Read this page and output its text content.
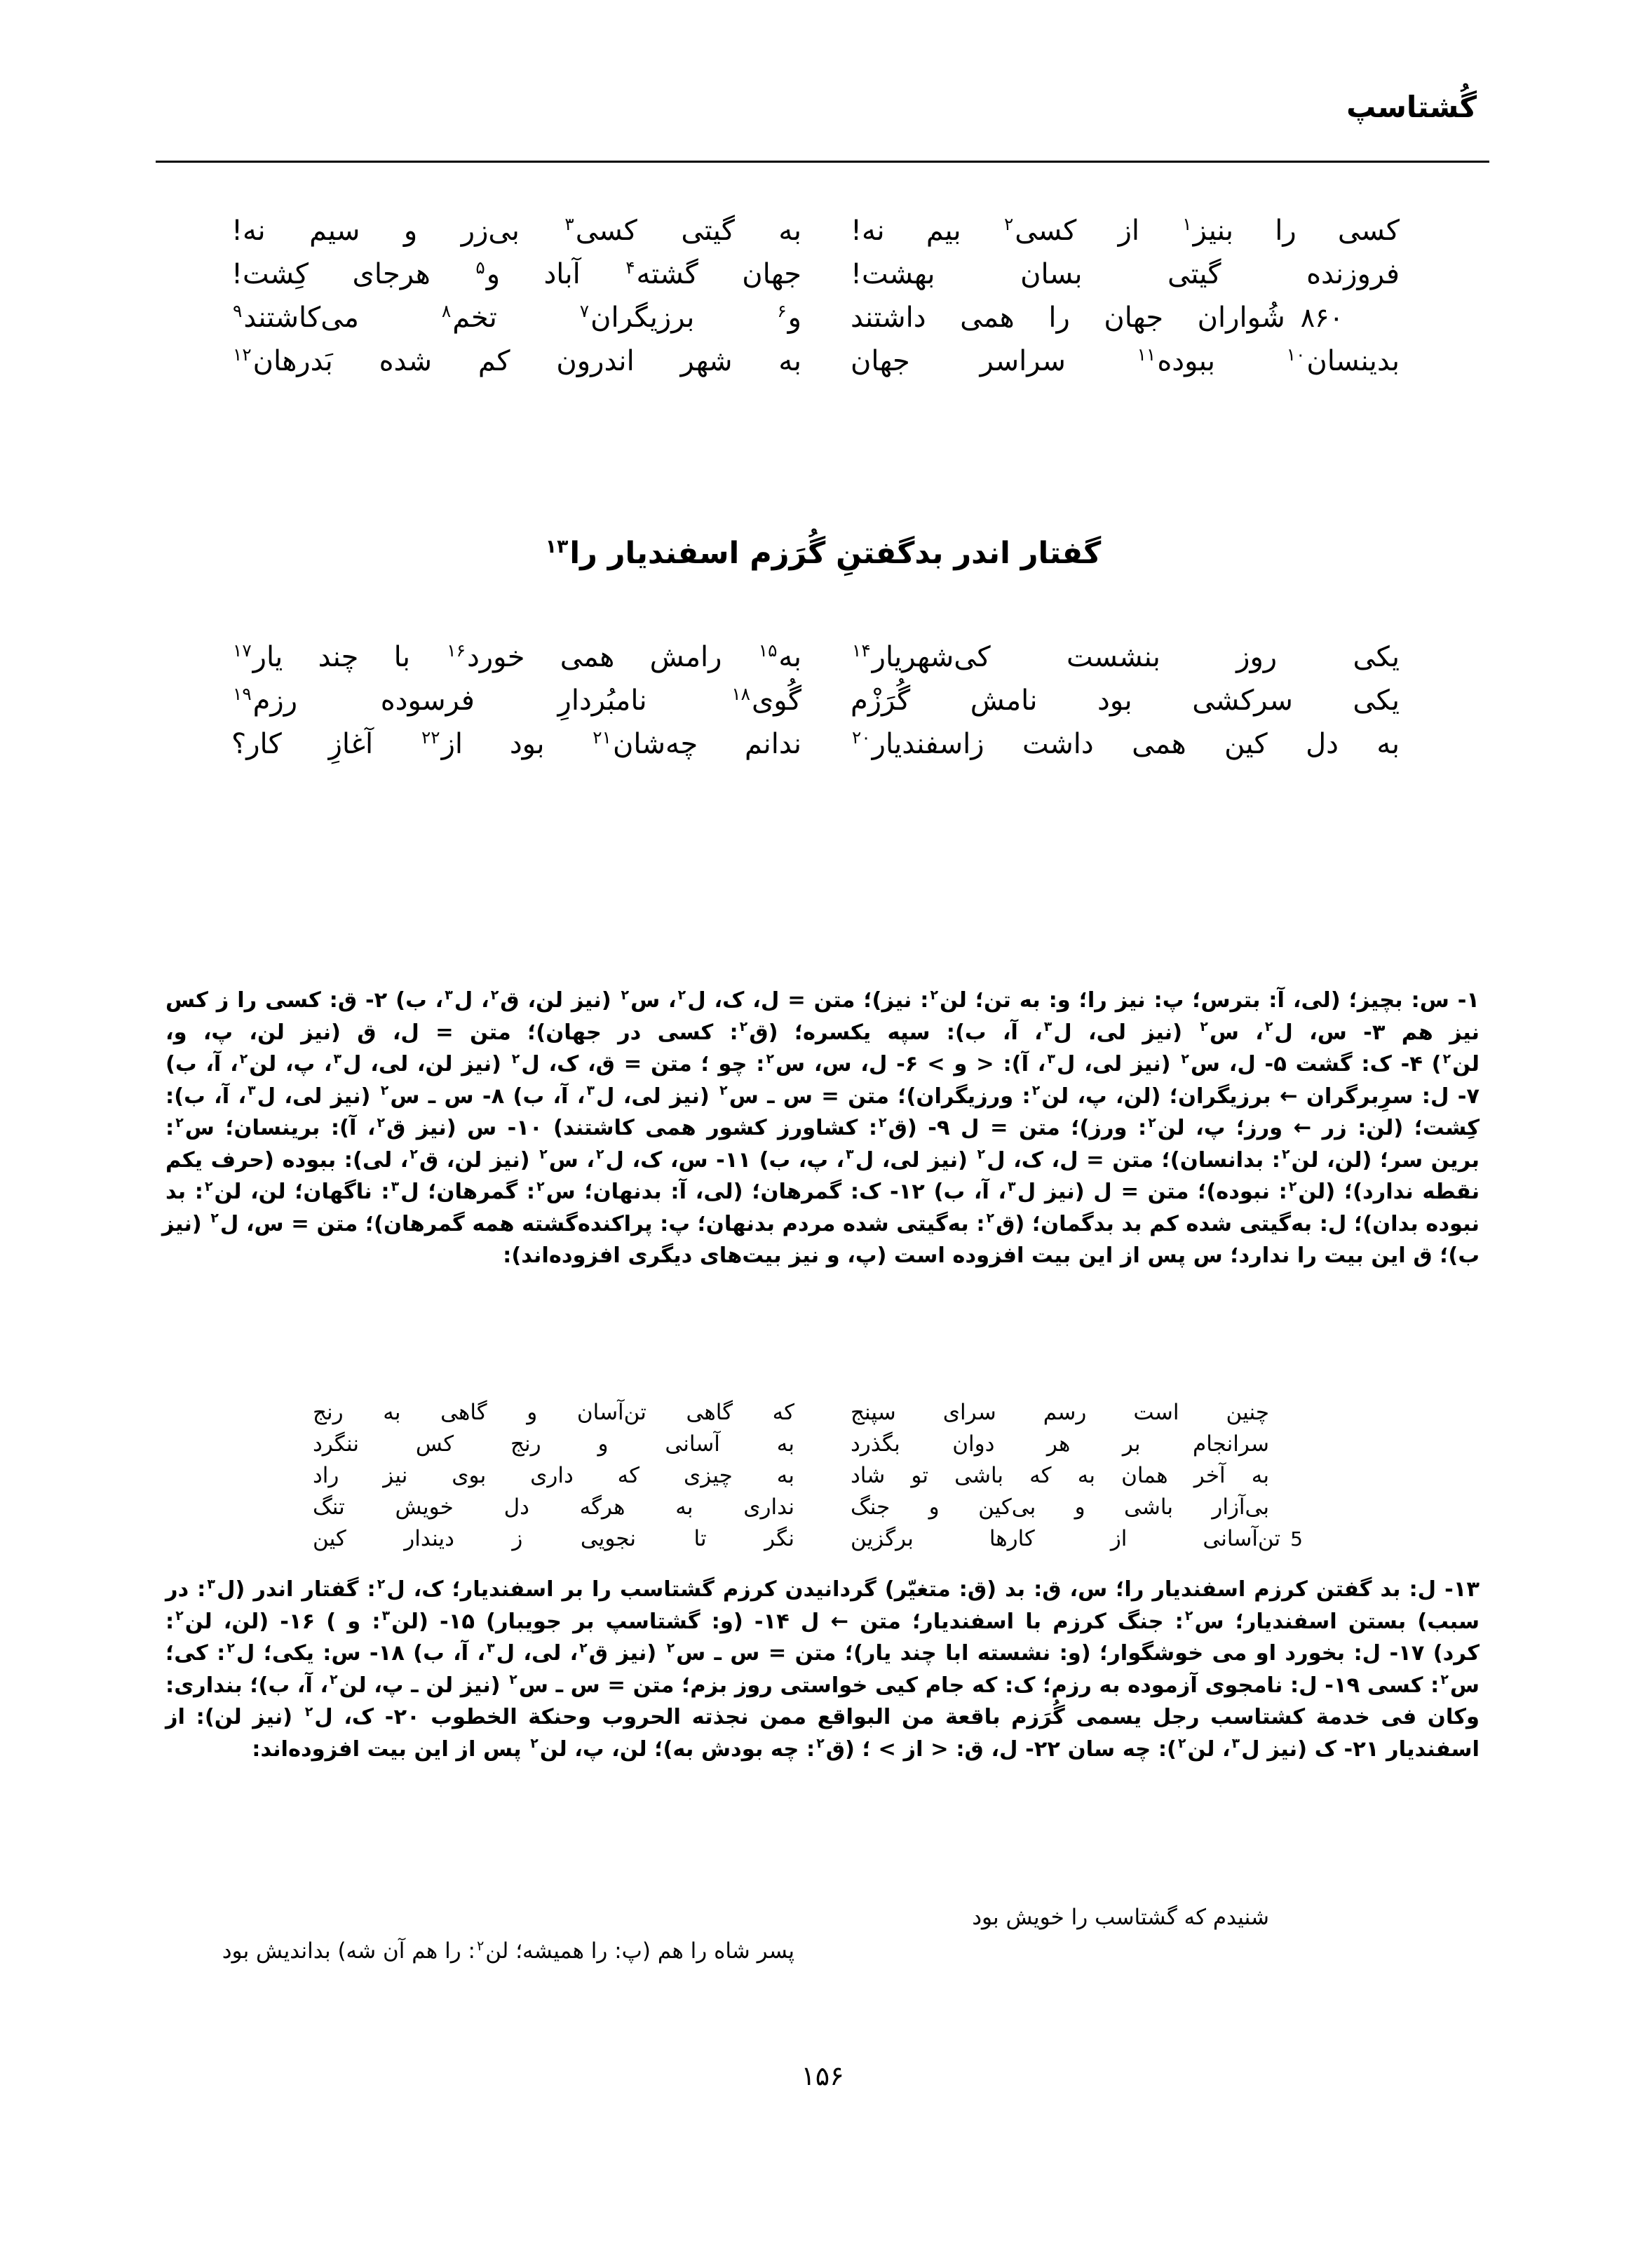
گُشتاسپ
کسی را بنیز$^۱$ از کسی$^۲$ بیم نه!
به گیتی کسی$^۳$ بی‌زر و سیم نه!
فروزنده گیتی بسان بهشت!
جهان گشته$^۴$ آباد و$^۵$ هرجای کِشت!
۸۶۰شُواران جهان را همی داشتند
و$^۶$ برزیگران$^۷$ تخم$^۸$ می‌کاشتند$^۹$
بدینسان$^{۱۰}$ ببوده$^{۱۱}$ سراسر جهان
به شهر اندرون کم شده بَدرهان$^{۱۲}$
گفتار اندر بدگفتنِ گُرَزم اسفندیار را$^{۱۳}$
یکی روز بنشست کی‌شهریار$^{۱۴}$
به$^{۱۵}$ رامش همی خورد$^{۱۶}$ با چند یار$^{۱۷}$
یکی سرکشی بود نامش گُرَزْم
گُوی$^{۱۸}$ نامبُردارِ فرسوده رزم$^{۱۹}$
به دل کین همی داشت زاسفندیار$^{۲۰}$
ندانم چه‌شان$^{۲۱}$ بود از$^{۲۲}$ آغازِ کار؟
۱- س: بچیز؛ (لی، آ: بترس؛ پ: نیز را؛ و: به تن؛ لن$^۲$: نیز)؛ متن = ل، ک، ل$^۲$، س$^۲$ (نیز لن، ق$^۲$، ل$^۳$، ب) ۲- ق: کسی را ز کس
نیز هم ۳- س، ل$^۲$، س$^۲$ (نیز لی، ل$^۳$، آ، ب): سپه یکسره؛ (ق$^۲$: کسی در جهان)؛ متن = ل، ق (نیز لن، پ، و،
لن$^۲$) ۴- ک: گشت ۵- ل، س$^۲$ (نیز لی، ل$^۳$، آ): < و > ۶- ل، س، س$^۲$: چو ؛ متن = ق، ک، ل$^۲$ (نیز لن، لی، ل$^۳$، پ، لن$^۲$، آ، ب)
۷- ل: سرِبرگران ← برزیگران؛ (لن، پ، لن$^۲$: ورزیگران)؛ متن = س ـ س$^۲$ (نیز لی، ل$^۳$، آ، ب) ۸- س ـ س$^۲$ (نیز لی، ل$^۳$، آ، ب):
کِشت؛ (لن: زر ← ورز؛ پ، لن$^۲$: ورز)؛ متن = ل ۹- (ق$^۲$: کشاورز کشور همی کاشتند) ۱۰- س (نیز ق$^۲$، آ): برینسان؛ س$^۲$:
برین سر؛ (لن، لن$^۲$: بدانسان)؛ متن = ل، ک، ل$^۲$ (نیز لی، ل$^۳$، پ، ب) ۱۱- س، ک، ل$^۲$، س$^۲$ (نیز لن، ق$^۲$، لی): ببوده (حرف یکم
نقطه ندارد)؛ (لن$^۲$: نبوده)؛ متن = ل (نیز ل$^۳$، آ، ب) ۱۲- ک: گمرهان؛ (لی، آ: بدنهان؛ س$^۲$: گمرهان؛ ل$^۳$: ناگهان؛ لن، لن$^۲$: بد
نبوده بدان)؛ ل: به‌گیتی شده کم بد بدگمان؛ (ق$^۲$: به‌گیتی شده مردم بدنهان؛ پ: پراکنده‌گشته همه گمرهان)؛ متن = س، ل$^۲$ (نیز
ب)؛ ق این بیت را ندارد؛ س پس از این بیت افزوده است (پ، و نیز بیت‌های دیگری افزوده‌اند):
چنین است رسم سرای سپنج
که گاهی تن‌آسان و گاهی به رنج
سرانجام بر هر دوان بگذرد
به آسانی و رنج کس ننگرد
به آخر همان به که باشی تو شاد
به چیزی که داری بوی نیز راد
بی‌آزار باشی و بی‌کین و جنگ
نداری به هرگه دل خویش تنگ
5تن‌آسانی از کارها برگزین
نگر تا نجویی ز دیندار کین
۱۳- ل: بد گفتن کرزم اسفندیار را؛ س، ق: بد (ق: متغیّر) گردانیدن کرزم گشتاسب را بر اسفندیار؛ ک، ل$^۲$: گفتار اندر (ل$^۳$: در
سبب) بستن اسفندیار؛ س$^۲$: جنگ کرزم با اسفندیار؛ متن ← ل ۱۴- (و: گشتاسپ بر جویبار) ۱۵- (لن$^۳$: و ) ۱۶- (لن، لن$^۲$:
کرد) ۱۷- ل: بخورد او می خوشگوار؛ (و: نشسته ابا چند یار)؛ متن = س ـ س$^۲$ (نیز ق$^۲$، لی، ل$^۳$، آ، ب) ۱۸- س: یکی؛ ل$^۲$: کی؛
س$^۲$: کسی ۱۹- ل: نامجوی آزموده به رزم؛ ک: که جام کیی خواستی روز بزم؛ متن = س ـ س$^۲$ (نیز لن ـ پ، لن$^۲$، آ، ب)؛ بنداری:
وکان فی خدمة کشتاسب رجل یسمی گُرَزم باقعة من البواقع ممن نجذته الحروب وحنكة الخطوب ۲۰- ک، ل$^۲$ (نیز لن): از
اسفندیار ۲۱- ک (نیز ل$^۳$، لن$^۲$): چه سان ۲۲- ل، ق: < از > ؛ (ق$^۲$: چه بودش به)؛ لن، پ، لن$^۲$ پس از این بیت افزوده‌اند:
شنیدم که گشتاسب را خویش بود
پسر شاه را هم (پ: را همیشه؛ لن$^۲$: را هم آن شه) بداندیش بود
۱۵۶
